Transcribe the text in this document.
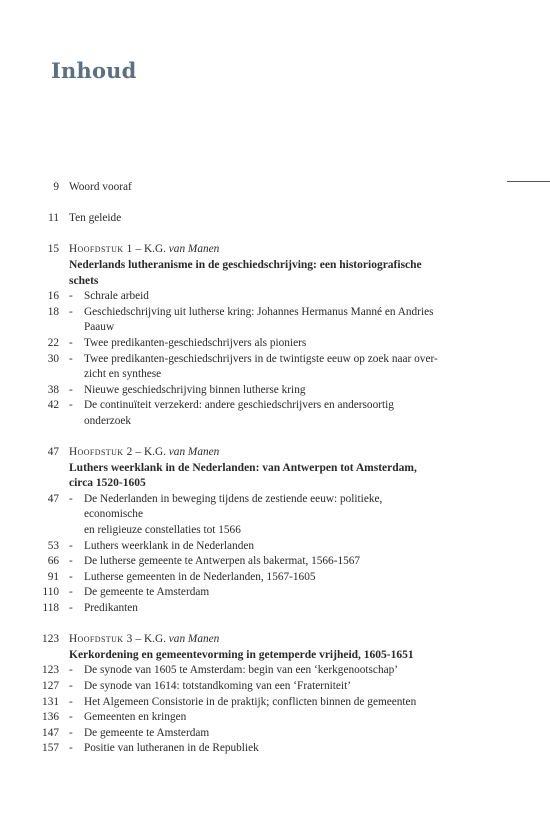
Inhoud
9 Woord vooraf
11 Ten geleide
15 Hoofdstuk 1 – K.G. van Manen
Nederlands lutheranisme in de geschiedschrijving: een historiografische
schets
16 - Schrale arbeid
18 - Geschiedschrijving uit lutherse kring: Johannes Hermanus Manné en Andries
Paauw
22 - Twee predikanten-geschiedschrijvers als pioniers
30 - Twee predikanten-geschiedschrijvers in de twintigste eeuw op zoek naar over-
zicht en synthese
38 - Nieuwe geschiedschrijving binnen lutherse kring
42 - De continuïteit verzekerd: andere geschiedschrijvers en andersoortig onderzoek
47 Hoofdstuk 2 – K.G. van Manen
Luthers weerklank in de Nederlanden: van Antwerpen tot Amsterdam,
circa 1520-1605
47 - De Nederlanden in beweging tijdens de zestiende eeuw: politieke, economische
en religieuze constellaties tot 1566
53 - Luthers weerklank in de Nederlanden
66 - De lutherse gemeente te Antwerpen als bakermat, 1566-1567
91 - Lutherse gemeenten in de Nederlanden, 1567-1605
110 - De gemeente te Amsterdam
118 - Predikanten
123 Hoofdstuk 3 – K.G. van Manen
Kerkordening en gemeentevorming in getemperde vrijheid, 1605-1651
123 - De synode van 1605 te Amsterdam: begin van een ‘kerkgenootschap’
127 - De synode van 1614: totstandkoming van een ‘Fraterniteit’
131 - Het Algemeen Consistorie in de praktijk; conflicten binnen de gemeenten
136 - Gemeenten en kringen
147 - De gemeente te Amsterdam
157 - Positie van lutheranen in de Republiek
